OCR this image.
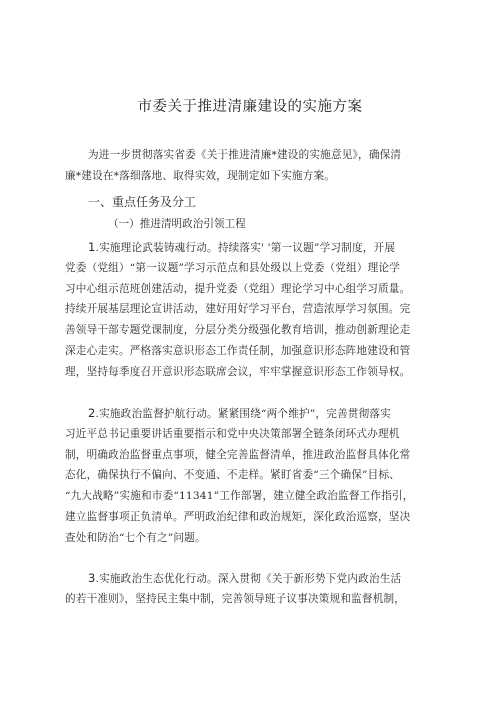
市委关于推进清廉建设的实施方案
为进一步贯彻落实省委《关于推进清廉*建设的实施意见》，确保清
廉*建设在*落细落地、取得实效，现制定如下实施方案。
一、重点任务及分工
（一）推进清明政治引领工程
1.实施理论武装铸魂行动。持续落实' '第一议题”学习制度，开展
党委（党组）“第一议题”学习示范点和县处级以上党委（党组）理论学
习中心组示范班创建活动，提升党委（党组）理论学习中心组学习质量。
持续开展基层理论宣讲活动，建好用好学习平台，营造浓厚学习氛围。完
善领导干部专题党课制度，分层分类分级强化教育培训，推动创新理论走
深走心走实。严格落实意识形态工作责任制，加强意识形态阵地建设和管
理，坚持每季度召开意识形态联席会议，牢牢掌握意识形态工作领导权。
2.实施政治监督护航行动。紧紧围绕“两个维护”，完善贯彻落实
习近平总书记重要讲话重要指示和党中央决策部署全链条闭环式办理机
制，明确政治监督重点事项，健全完善监督清单，推进政治监督具体化常
态化，确保执行不偏向、不变通、不走样。紧盯省委“三个确保”目标、
“九大战略”实施和市委“11341”工作部署，建立健全政治监督工作指引，
建立监督事项正负清单。严明政治纪律和政治规矩，深化政治巡察，坚决
查处和防治“七个有之”问题。
3.实施政治生态优化行动。深入贯彻《关于新形势下党内政治生活
的若干准则》，坚持民主集中制，完善领导班子议事决策规和监督机制，
